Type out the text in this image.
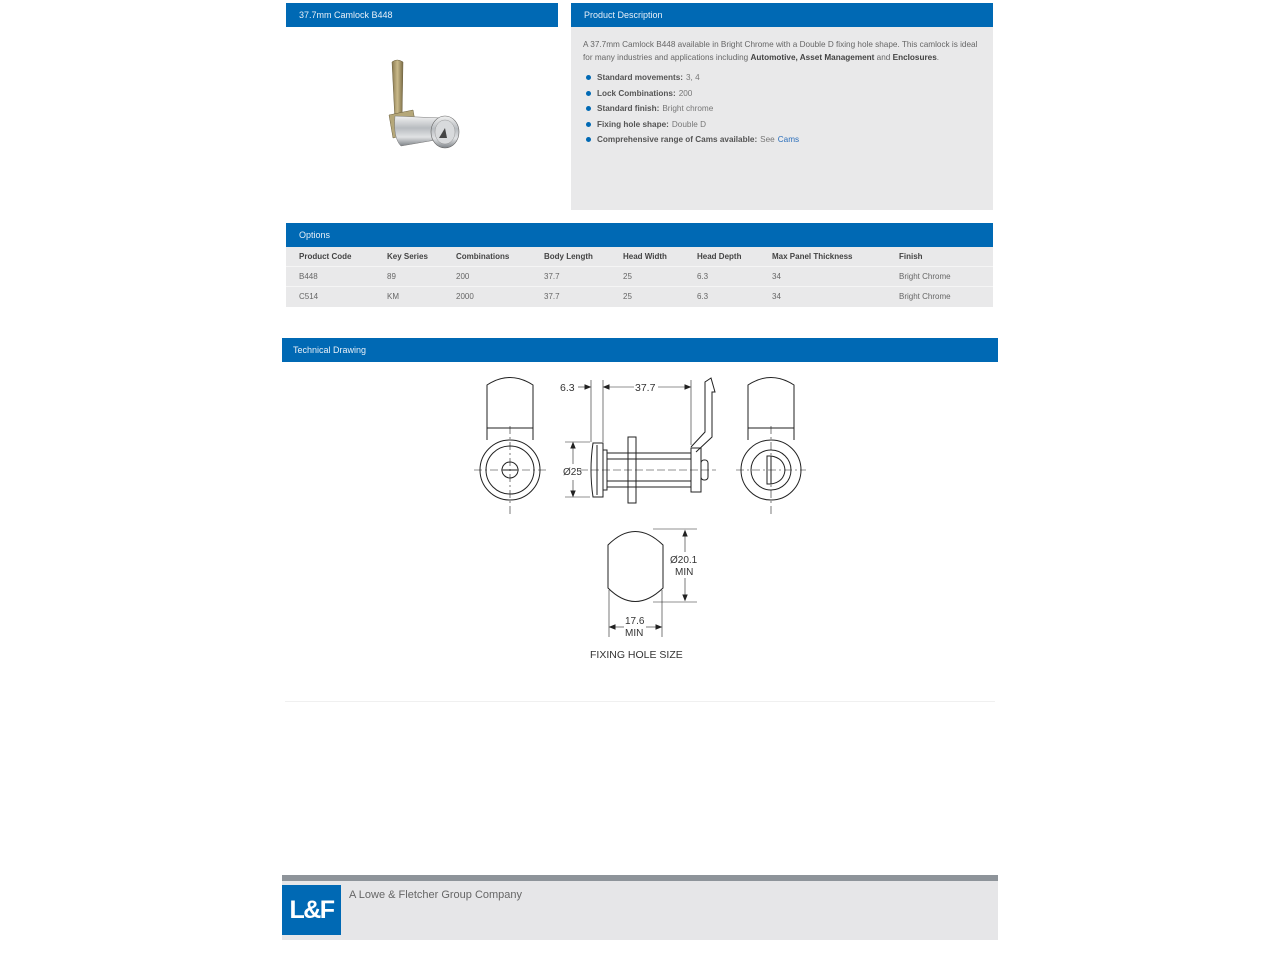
37.7mm Camlock B448	Product Description

A 37.7mm Camlock B448 available in Bright Chrome with a Double D fixing hole shape. This camlock is ideal for many industries and applications including Automotive, Asset Management and Enclosures.

Standard movements: 3, 4
Lock Combinations: 200
Standard finish: Bright chrome
Fixing hole shape: Double D
Comprehensive range of Cams available: See Cams
Options
Product Code	Key Series	Combinations	Body Length	Head Width	Head Depth	Max Panel Thickness	Finish
B448	89	200	37.7	25	6.3	34	Bright Chrome
C514	KM	2000	37.7	25	6.3	34	Bright Chrome
Technical Drawing
6.3	37.7
Ø25
Ø20.1
MIN
17.6
MIN
FIXING HOLE SIZE
L&F
A Lowe & Fletcher Group Company
